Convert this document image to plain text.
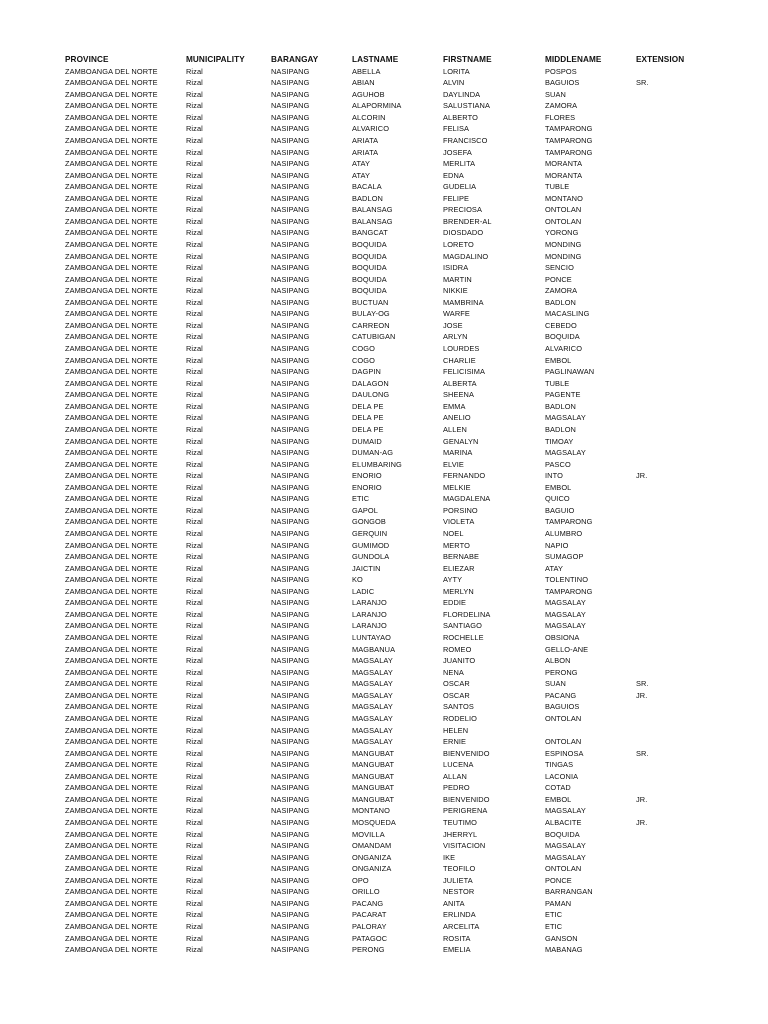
PROVINCE	MUNICIPALITY	BARANGAY	LASTNAME	FIRSTNAME	MIDDLENAME	EXTENSION
ZAMBOANGA DEL NORTE	Rizal	NASIPANG	ABELLA	LORITA	POSPOS
ZAMBOANGA DEL NORTE	Rizal	NASIPANG	ABIAN	ALVIN	BAGUIOS	SR.
ZAMBOANGA DEL NORTE	Rizal	NASIPANG	AGUHOB	DAYLINDA	SUAN
ZAMBOANGA DEL NORTE	Rizal	NASIPANG	ALAPORMINA	SALUSTIANA	ZAMORA
ZAMBOANGA DEL NORTE	Rizal	NASIPANG	ALCORIN	ALBERTO	FLORES
ZAMBOANGA DEL NORTE	Rizal	NASIPANG	ALVARICO	FELISA	TAMPARONG
ZAMBOANGA DEL NORTE	Rizal	NASIPANG	ARIATA	FRANCISCO	TAMPARONG
ZAMBOANGA DEL NORTE	Rizal	NASIPANG	ARIATA	JOSEFA	TAMPARONG
ZAMBOANGA DEL NORTE	Rizal	NASIPANG	ATAY	MERLITA	MORANTA
ZAMBOANGA DEL NORTE	Rizal	NASIPANG	ATAY	EDNA	MORANTA
ZAMBOANGA DEL NORTE	Rizal	NASIPANG	BACALA	GUDELIA	TUBLE
ZAMBOANGA DEL NORTE	Rizal	NASIPANG	BADLON	FELIPE	MONTANO
ZAMBOANGA DEL NORTE	Rizal	NASIPANG	BALANSAG	PRECIOSA	ONTOLAN
ZAMBOANGA DEL NORTE	Rizal	NASIPANG	BALANSAG	BRENDER-AL	ONTOLAN
ZAMBOANGA DEL NORTE	Rizal	NASIPANG	BANGCAT	DIOSDADO	YORONG
ZAMBOANGA DEL NORTE	Rizal	NASIPANG	BOQUIDA	LORETO	MONDING
ZAMBOANGA DEL NORTE	Rizal	NASIPANG	BOQUIDA	MAGDALINO	MONDING
ZAMBOANGA DEL NORTE	Rizal	NASIPANG	BOQUIDA	ISIDRA	SENCIO
ZAMBOANGA DEL NORTE	Rizal	NASIPANG	BOQUIDA	MARTIN	PONCE
ZAMBOANGA DEL NORTE	Rizal	NASIPANG	BOQUIDA	NIKKIE	ZAMORA
ZAMBOANGA DEL NORTE	Rizal	NASIPANG	BUCTUAN	MAMBRINA	BADLON
ZAMBOANGA DEL NORTE	Rizal	NASIPANG	BULAY-OG	WARFE	MACASLING
ZAMBOANGA DEL NORTE	Rizal	NASIPANG	CARREON	JOSE	CEBEDO
ZAMBOANGA DEL NORTE	Rizal	NASIPANG	CATUBIGAN	ARLYN	BOQUIDA
ZAMBOANGA DEL NORTE	Rizal	NASIPANG	COGO	LOURDES	ALVARICO
ZAMBOANGA DEL NORTE	Rizal	NASIPANG	COGO	CHARLIE	EMBOL
ZAMBOANGA DEL NORTE	Rizal	NASIPANG	DAGPIN	FELICISIMA	PAGLINAWAN
ZAMBOANGA DEL NORTE	Rizal	NASIPANG	DALAGON	ALBERTA	TUBLE
ZAMBOANGA DEL NORTE	Rizal	NASIPANG	DAULONG	SHEENA	PAGENTE
ZAMBOANGA DEL NORTE	Rizal	NASIPANG	DELA PE	EMMA	BADLON
ZAMBOANGA DEL NORTE	Rizal	NASIPANG	DELA PE	ANELIO	MAGSALAY
ZAMBOANGA DEL NORTE	Rizal	NASIPANG	DELA PE	ALLEN	BADLON
ZAMBOANGA DEL NORTE	Rizal	NASIPANG	DUMAID	GENALYN	TIMOAY
ZAMBOANGA DEL NORTE	Rizal	NASIPANG	DUMAN-AG	MARINA	MAGSALAY
ZAMBOANGA DEL NORTE	Rizal	NASIPANG	ELUMBARING	ELVIE	PASCO
ZAMBOANGA DEL NORTE	Rizal	NASIPANG	ENORIO	FERNANDO	INTO	JR.
ZAMBOANGA DEL NORTE	Rizal	NASIPANG	ENORIO	MELKIE	EMBOL
ZAMBOANGA DEL NORTE	Rizal	NASIPANG	ETIC	MAGDALENA	QUICO
ZAMBOANGA DEL NORTE	Rizal	NASIPANG	GAPOL	PORSINO	BAGUIO
ZAMBOANGA DEL NORTE	Rizal	NASIPANG	GONGOB	VIOLETA	TAMPARONG
ZAMBOANGA DEL NORTE	Rizal	NASIPANG	GERQUIN	NOEL	ALUMBRO
ZAMBOANGA DEL NORTE	Rizal	NASIPANG	GUMIMOD	MERTO	NAPIO
ZAMBOANGA DEL NORTE	Rizal	NASIPANG	GUNDOLA	BERNABE	SUMAGOP
ZAMBOANGA DEL NORTE	Rizal	NASIPANG	JAICTIN	ELIEZAR	ATAY
ZAMBOANGA DEL NORTE	Rizal	NASIPANG	KO	AYTY	TOLENTINO
ZAMBOANGA DEL NORTE	Rizal	NASIPANG	LADIC	MERLYN	TAMPARONG
ZAMBOANGA DEL NORTE	Rizal	NASIPANG	LARANJO	EDDIE	MAGSALAY
ZAMBOANGA DEL NORTE	Rizal	NASIPANG	LARANJO	FLORDELINA	MAGSALAY
ZAMBOANGA DEL NORTE	Rizal	NASIPANG	LARANJO	SANTIAGO	MAGSALAY
ZAMBOANGA DEL NORTE	Rizal	NASIPANG	LUNTAYAO	ROCHELLE	OBSIONA
ZAMBOANGA DEL NORTE	Rizal	NASIPANG	MAGBANUA	ROMEO	GELLO-ANE
ZAMBOANGA DEL NORTE	Rizal	NASIPANG	MAGSALAY	JUANITO	ALBON
ZAMBOANGA DEL NORTE	Rizal	NASIPANG	MAGSALAY	NENA	PERONG
ZAMBOANGA DEL NORTE	Rizal	NASIPANG	MAGSALAY	OSCAR	SUAN	SR.
ZAMBOANGA DEL NORTE	Rizal	NASIPANG	MAGSALAY	OSCAR	PACANG	JR.
ZAMBOANGA DEL NORTE	Rizal	NASIPANG	MAGSALAY	SANTOS	BAGUIOS
ZAMBOANGA DEL NORTE	Rizal	NASIPANG	MAGSALAY	RODELIO	ONTOLAN
ZAMBOANGA DEL NORTE	Rizal	NASIPANG	MAGSALAY	HELEN
ZAMBOANGA DEL NORTE	Rizal	NASIPANG	MAGSALAY	ERNIE	ONTOLAN
ZAMBOANGA DEL NORTE	Rizal	NASIPANG	MANGUBAT	BIENVENIDO	ESPINOSA	SR.
ZAMBOANGA DEL NORTE	Rizal	NASIPANG	MANGUBAT	LUCENA	TINGAS
ZAMBOANGA DEL NORTE	Rizal	NASIPANG	MANGUBAT	ALLAN	LACONIA
ZAMBOANGA DEL NORTE	Rizal	NASIPANG	MANGUBAT	PEDRO	COTAD
ZAMBOANGA DEL NORTE	Rizal	NASIPANG	MANGUBAT	BIENVENIDO	EMBOL	JR.
ZAMBOANGA DEL NORTE	Rizal	NASIPANG	MONTANO	PERIGRENA	MAGSALAY
ZAMBOANGA DEL NORTE	Rizal	NASIPANG	MOSQUEDA	TEUTIMO	ALBACITE	JR.
ZAMBOANGA DEL NORTE	Rizal	NASIPANG	MOVILLA	JHERRYL	BOQUIDA
ZAMBOANGA DEL NORTE	Rizal	NASIPANG	OMANDAM	VISITACION	MAGSALAY
ZAMBOANGA DEL NORTE	Rizal	NASIPANG	ONGANIZA	IKE	MAGSALAY
ZAMBOANGA DEL NORTE	Rizal	NASIPANG	ONGANIZA	TEOFILO	ONTOLAN
ZAMBOANGA DEL NORTE	Rizal	NASIPANG	OPO	JULIETA	PONCE
ZAMBOANGA DEL NORTE	Rizal	NASIPANG	ORILLO	NESTOR	BARRANGAN
ZAMBOANGA DEL NORTE	Rizal	NASIPANG	PACANG	ANITA	PAMAN
ZAMBOANGA DEL NORTE	Rizal	NASIPANG	PACARAT	ERLINDA	ETIC
ZAMBOANGA DEL NORTE	Rizal	NASIPANG	PALORAY	ARCELITA	ETIC
ZAMBOANGA DEL NORTE	Rizal	NASIPANG	PATAGOC	ROSITA	GANSON
ZAMBOANGA DEL NORTE	Rizal	NASIPANG	PERONG	EMELIA	MABANAG
